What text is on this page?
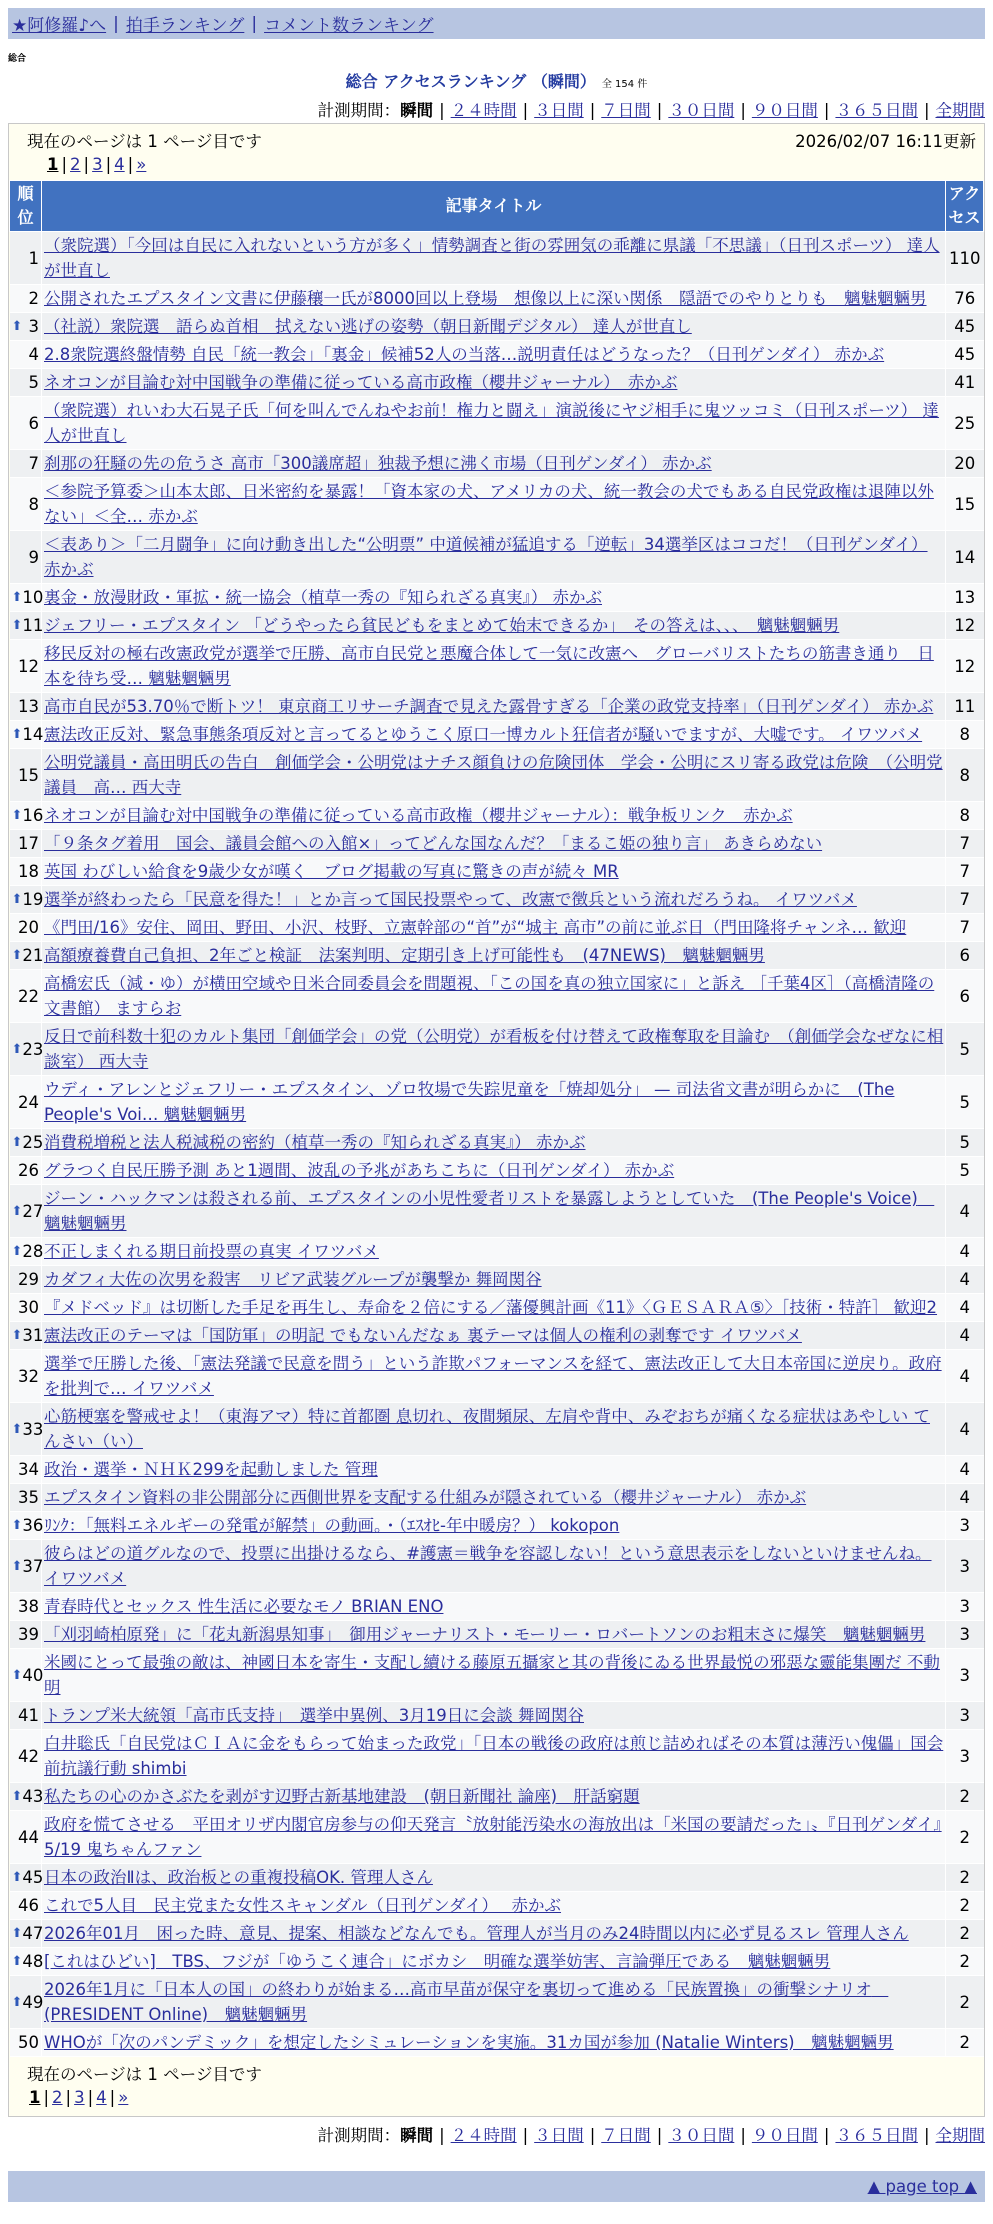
★阿修羅♪へ | 拍手ランキング | コメント数ランキング
総合
総合 アクセスランキング （瞬間） 全 154 件
計測期間：瞬間 | ２４時間 | ３日間 | ７日間 | ３０日間 | ９０日間 | ３６５日間 | 全期間
現在のページは 1 ページ目です	2026/02/07 16:11更新
1 | 2 | 3 | 4 | »
順位	記事タイトル	アクセス
1	（衆院選）「今回は自民に入れないという方が多く」情勢調査と街の雰囲気の乖離に県議「不思議」（日刊スポーツ） 達人が世直し	110
2	公開されたエプスタイン文書に伊藤穰一氏が8000回以上登場　想像以上に深い関係　隠語でのやりとりも　魑魅魍魎男	76

⬆ 3	（社説）衆院選　語らぬ首相　拭えない逃げの姿勢（朝日新聞デジタル） 達人が世直し	45
4	2.8衆院選終盤情勢 自民「統一教会」「裏金」候補52人の当落…説明責任はどうなった？（日刊ゲンダイ） 赤かぶ	45
5	ネオコンが目論む対中国戦争の準備に従っている高市政権（櫻井ジャーナル）　赤かぶ	41
6	（衆院選）れいわ大石晃子氏「何を叫んでんねやお前！権力と闘え」演説後にヤジ相手に鬼ツッコミ（日刊スポーツ） 達人が世直し	25
7	刹那の狂騒の先の危うさ 高市「300議席超」独裁予想に沸く市場（日刊ゲンダイ） 赤かぶ	20
8	＜参院予算委＞山本太郎、日米密約を暴露！「資本家の犬、アメリカの犬、統一教会の犬でもある自民党政権は退陣以外ない」＜全… 赤かぶ	15
9	＜表あり＞「二月闘争」に向け動き出した“公明票” 中道候補が猛追する「逆転」34選挙区はココだ！（日刊ゲンダイ） 赤かぶ	14

⬆ 10	裏金・放漫財政・軍拡・統一協会（植草一秀の『知られざる真実』） 赤かぶ	13

⬆ 11	ジェフリー・エプスタイン 「どうやったら貧民どもをまとめて始末できるか」　その答えは、、、　魑魅魍魎男	12
12	移民反対の極右改憲政党が選挙で圧勝、高市自民党と悪魔合体して一気に改憲へ　グローバリストたちの筋書き通り　日本を待ち受… 魑魅魍魎男	12
13	高市自民が53.70％で断トツ！ 東京商工リサーチ調査で見えた露骨すぎる「企業の政党支持率」（日刊ゲンダイ） 赤かぶ	11

⬆ 14	憲法改正反対、緊急事態条項反対と言ってるとゆうこく原口一博カルト狂信者が騒いでますが、大嘘です。 イワツバメ	8
15	公明党議員・高田明氏の告白　創価学会・公明党はナチス顔負けの危険団体　学会・公明にスリ寄る政党は危険　（公明党議員　高… 西大寺	8

⬆ 16	ネオコンが目論む対中国戦争の準備に従っている高市政権（櫻井ジャーナル）：戦争板リンク　赤かぶ	8
17	「９条タグ着用　国会、議員会館への入館×」ってどんな国なんだ？「まるこ姫の独り言」 あきらめない	7
18	英国 わびしい給食を9歳少女が嘆く　ブログ掲載の写真に驚きの声が続々 MR	7

⬆ 19	選挙が終わったら「民意を得た！」とか言って国民投票やって、改憲で徴兵という流れだろうね。 イワツバメ	7
20	《門田/16》安住、岡田、野田、小沢、枝野、立憲幹部の“首”が“城主 高市”の前に並ぶ日（門田隆将チャンネ… 歓迎	7

⬆ 21	高額療養費自己負担、2年ごと検証　法案判明、定期引き上げ可能性も　(47NEWS)　魑魅魍魎男	6
22	高橋宏氏（減・ゆ）が横田空域や日米合同委員会を問題視、「この国を真の独立国家に」と訴え ［千葉4区］（高橋清隆の文書館） ますらお	6

⬆ 23	反日で前科数十犯のカルト集団「創価学会」の党（公明党）が看板を付け替えて政権奪取を目論む　（創価学会なぜなに相談室） 西大寺	5
24	ウディ・アレンとジェフリー・エプスタイン、ゾロ牧場で失踪児童を「焼却処分」 — 司法省文書が明らかに　(The People's Voi… 魑魅魍魎男	5

⬆ 25	消費税増税と法人税減税の密約（植草一秀の『知られざる真実』） 赤かぶ	5
26	グラつく自民圧勝予測 あと1週間、波乱の予兆があちこちに（日刊ゲンダイ） 赤かぶ	5

⬆ 27	ジーン・ハックマンは殺される前、エプスタインの小児性愛者リストを暴露しようとしていた　(The People's Voice)　魑魅魍魎男	4

⬆ 28	不正しまくれる期日前投票の真実 イワツバメ	4
29	カダフィ大佐の次男を殺害　リビア武装グループが襲撃か 舞岡関谷	4
30	『メドベッド』は切断した手足を再生し、寿命を２倍にする／藩優興計画《11》〈ＧＥＳＡＲＡ⑤〉［技術・特許］ 歓迎2	4

⬆ 31	憲法改正のテーマは「国防軍」の明記 でもないんだなぁ 裏テーマは個人の権利の剥奪です イワツバメ	4
32	選挙で圧勝した後、「憲法発議で民意を問う」という詐欺パフォーマンスを経て、憲法改正して大日本帝国に逆戻り。政府を批判で… イワツバメ	4

⬆ 33	心筋梗塞を警戒せよ！（東海アマ）特に首都圏 息切れ、夜間頻尿、左肩や背中、みぞおちが痛くなる症状はあやしい てんさい（い）	4
34	政治・選挙・ＮＨＫ299を起動しました 管理	4
35	エプスタイン資料の非公開部分に西側世界を支配する仕組みが隠されている（櫻井ジャーナル） 赤かぶ	4

⬆ 36	ﾘﾝｸ：「無料エネルギーの発電が解禁」の動画。・（ｴｽｵﾋ-年中暖房？） kokopon	3

⬆ 37	彼らはどの道グルなので、投票に出掛けるなら、#護憲＝戦争を容認しない！という意思表示をしないといけませんね。 イワツバメ	3
38	青春時代とセックス 性生活に必要なモノ BRIAN ENO	3
39	「刈羽崎柏原発」に「花丸新潟県知事」　御用ジャーナリスト・モーリー・ロバートソンのお粗末さに爆笑　魑魅魍魎男	3

⬆ 40	米國にとって最強の敵は、神國日本を寄生・支配し續ける藤原五攝家と其の背後にゐる世界最悦の邪惡な靈能集團だ 不動明	3
41	トランプ米大統領「高市氏支持」　選挙中異例、3月19日に会談 舞岡関谷	3
42	白井聡氏「自民党はＣＩＡに金をもらって始まった政党」「日本の戦後の政府は煎じ詰めればその本質は薄汚い傀儡」国会前抗議行動 shimbi	3

⬆ 43	私たちの心のかさぶたを剥がす辺野古新基地建設　(朝日新聞社 論座)　肝話窮題	2
44	政府を慌てさせる　平田オリザ内閣官房参与の仰天発言〝放射能汚染水の海放出は「米国の要請だった」〟『日刊ゲンダイ』5/19 鬼ちゃんファン	2

⬆ 45	日本の政治Ⅱは、政治板との重複投稿OK. 管理人さん	2
46	これで5人目　民主党また女性スキャンダル（日刊ゲンダイ）　 赤かぶ	2

⬆ 47	2026年01月　困った時、意見、提案、相談などなんでも。管理人が当月のみ24時間以内に必ず見るスレ 管理人さん	2

⬆ 48	[これはひどい]　TBS、フジが「ゆうこく連合」にボカシ　明確な選挙妨害、言論弾圧である　魑魅魍魎男	2

⬆ 49	2026年1月に「日本人の国」の終わりが始まる…高市早苗が保守を裏切って進める「民族置換」の衝撃シナリオ　(PRESIDENT Online)　魑魅魍魎男	2
50	WHOが「次のパンデミック」を想定したシミュレーションを実施。31カ国が参加 (Natalie Winters)　魑魅魍魎男	2
現在のページは 1 ページ目です
1 | 2 | 3 | 4 | »
計測期間：瞬間 | ２４時間 | ３日間 | ７日間 | ３０日間 | ９０日間 | ３６５日間 | 全期間
▲ page top ▲
